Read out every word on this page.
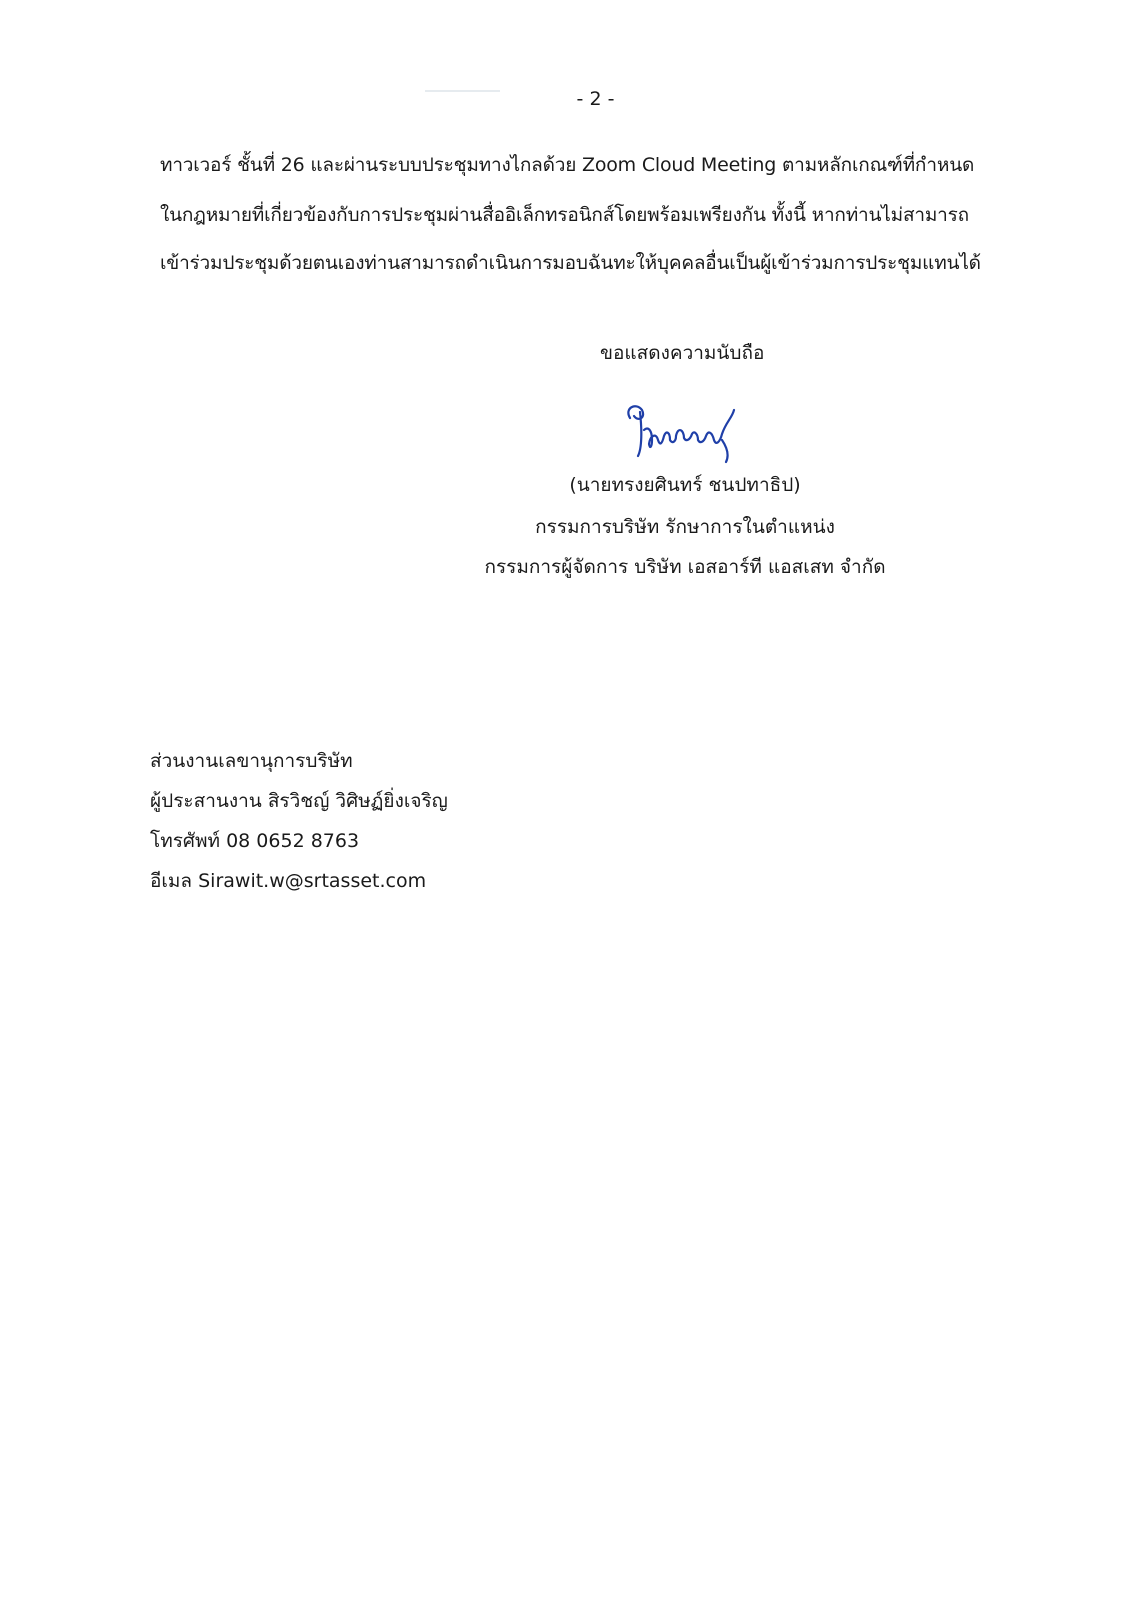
- 2 -
ทาวเวอร์ ชั้นที่ 26 และผ่านระบบประชุมทางไกลด้วย Zoom Cloud Meeting ตามหลักเกณฑ์ที่กำหนด
ในกฎหมายที่เกี่ยวข้องกับการประชุมผ่านสื่ออิเล็กทรอนิกส์โดยพร้อมเพรียงกัน ทั้งนี้ หากท่านไม่สามารถ
เข้าร่วมประชุมด้วยตนเองท่านสามารถดำเนินการมอบฉันทะให้บุคคลอื่นเป็นผู้เข้าร่วมการประชุมแทนได้
ขอแสดงความนับถือ
(นายทรงยศินทร์ ชนปทาธิป)
กรรมการบริษัท รักษาการในตำแหน่ง
กรรมการผู้จัดการ บริษัท เอสอาร์ที แอสเสท จำกัด
ส่วนงานเลขานุการบริษัท
ผู้ประสานงาน สิรวิชญ์ วิศิษฏ์ยิ่งเจริญ
โทรศัพท์ 08 0652 8763
อีเมล Sirawit.w@srtasset.com
